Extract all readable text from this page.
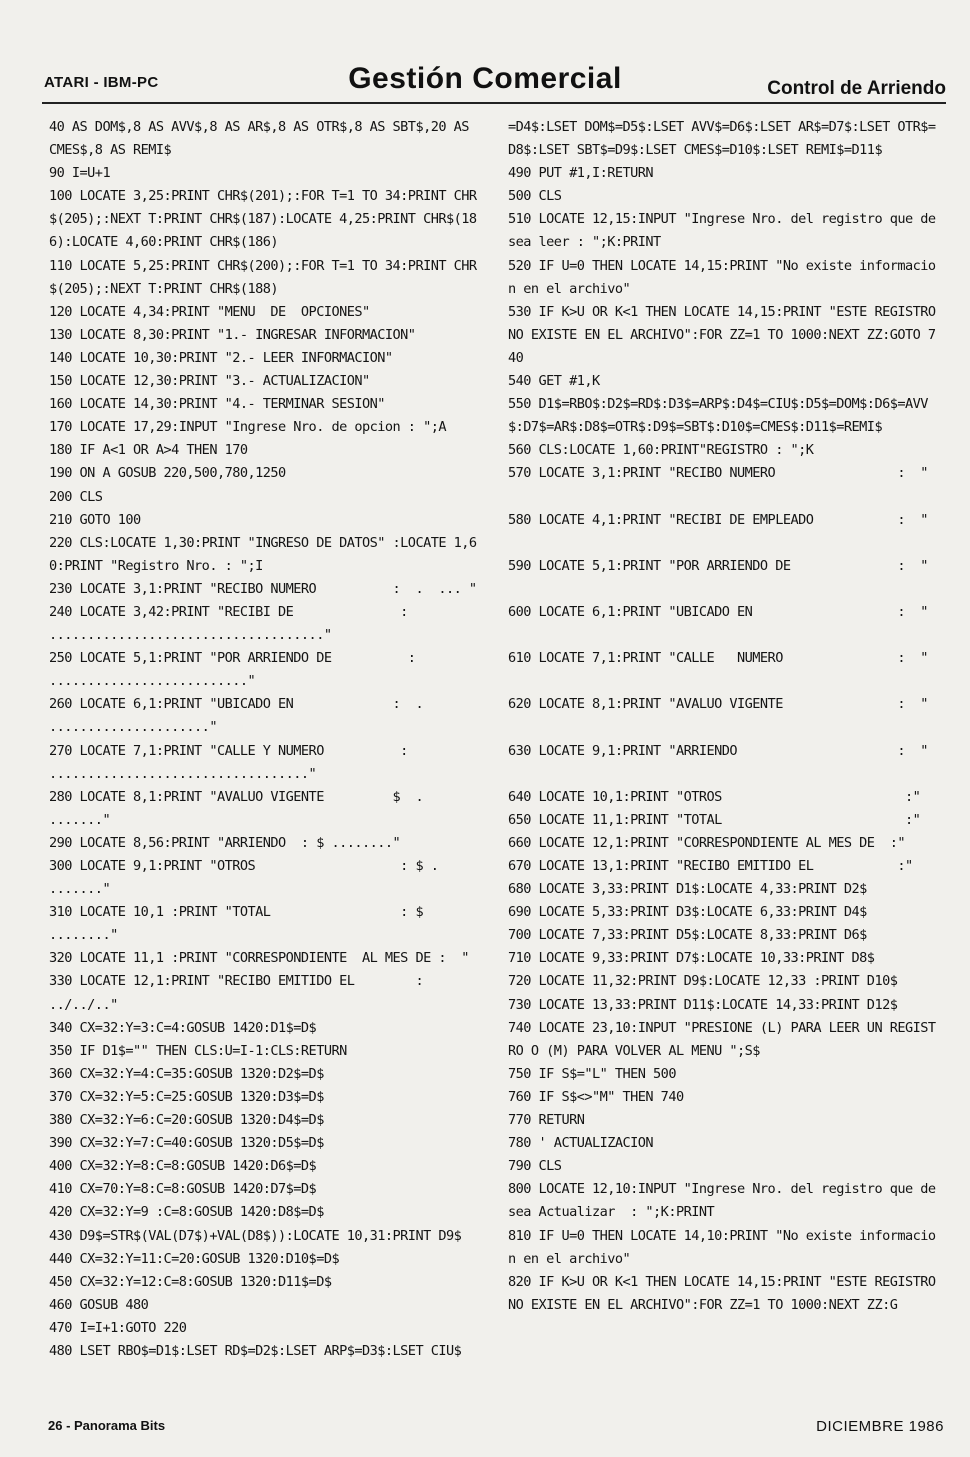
ATARI - IBM-PC	Gestión Comercial	Control de Arriendo
40 AS DOM$,8 AS AVV$,8 AS AR$,8 AS OTR$,8 AS SBT$,20 AS CMES$,8 AS REMI$
90 I=U+1
100 LOCATE 3,25:PRINT CHR$(201);:FOR T=1 TO 34:PRINT CHR$(205);:NEXT T:PRINT CHR$(187):LOCATE 4,25:PRINT CHR$(186):LOCATE 4,60:PRINT CHR$(186)
110 LOCATE 5,25:PRINT CHR$(200);:FOR T=1 TO 34:PRINT CHR$(205);:NEXT T:PRINT CHR$(188)
120 LOCATE 4,34:PRINT "MENU  DE  OPCIONES"
130 LOCATE 8,30:PRINT "1.- INGRESAR INFORMACION"
140 LOCATE 10,30:PRINT "2.- LEER INFORMACION"
150 LOCATE 12,30:PRINT "3.- ACTUALIZACION"
160 LOCATE 14,30:PRINT "4.- TERMINAR SESION"
170 LOCATE 17,29:INPUT "Ingrese Nro. de opcion : ";A
180 IF A<1 OR A>4 THEN 170
190 ON A GOSUB 220,500,780,1250
200 CLS
210 GOTO 100
220 CLS:LOCATE 1,30:PRINT "INGRESO DE DATOS" :LOCATE 1,60:PRINT "Registro Nro. : ";I
230 LOCATE 3,1:PRINT "RECIBO NUMERO          :  .  ... "
240 LOCATE 3,42:PRINT "RECIBI DE              : ...................................."
250 LOCATE 5,1:PRINT "POR ARRIENDO DE          : .........................."
260 LOCATE 6,1:PRINT "UBICADO EN             :  .  ....................."
270 LOCATE 7,1:PRINT "CALLE Y NUMERO          :  .................................."
280 LOCATE 8,1:PRINT "AVALUO VIGENTE         $  .  ......."
290 LOCATE 8,56:PRINT "ARRIENDO  : $ ........"
300 LOCATE 9,1:PRINT "OTROS                   : $ . ......."
310 LOCATE 10,1 :PRINT "TOTAL                 : $ ........"
320 LOCATE 11,1 :PRINT "CORRESPONDIENTE  AL MES DE :  "
330 LOCATE 12,1:PRINT "RECIBO EMITIDO EL        :  ../../.."
340 CX=32:Y=3:C=4:GOSUB 1420:D1$=D$
350 IF D1$="" THEN CLS:U=I-1:CLS:RETURN
360 CX=32:Y=4:C=35:GOSUB 1320:D2$=D$
370 CX=32:Y=5:C=25:GOSUB 1320:D3$=D$
380 CX=32:Y=6:C=20:GOSUB 1320:D4$=D$
390 CX=32:Y=7:C=40:GOSUB 1320:D5$=D$
400 CX=32:Y=8:C=8:GOSUB 1420:D6$=D$
410 CX=70:Y=8:C=8:GOSUB 1420:D7$=D$
420 CX=32:Y=9 :C=8:GOSUB 1420:D8$=D$
430 D9$=STR$(VAL(D7$)+VAL(D8$)):LOCATE 10,31:PRINT D9$
440 CX=32:Y=11:C=20:GOSUB 1320:D10$=D$
450 CX=32:Y=12:C=8:GOSUB 1320:D11$=D$
460 GOSUB 480
470 I=I+1:GOTO 220
480 LSET RBO$=D1$:LSET RD$=D2$:LSET ARP$=D3$:LSET CIU$
=D4$:LSET DOM$=D5$:LSET AVV$=D6$:LSET AR$=D7$:LSET OTR$=D8$:LSET SBT$=D9$:LSET CMES$=D10$:LSET REMI$=D11$
490 PUT #1,I:RETURN
500 CLS
510 LOCATE 12,15:INPUT "Ingrese Nro. del registro que desea leer : ";K:PRINT
520 IF U=0 THEN LOCATE 14,15:PRINT "No existe informacion en el archivo"
530 IF K>U OR K<1 THEN LOCATE 14,15:PRINT "ESTE REGISTRO NO EXISTE EN EL ARCHIVO":FOR ZZ=1 TO 1000:NEXT ZZ:GOTO 740
540 GET #1,K
550 D1$=RBO$:D2$=RD$:D3$=ARP$:D4$=CIU$:D5$=DOM$:D6$=AVV$:D7$=AR$:D8$=OTR$:D9$=SBT$:D10$=CMES$:D11$=REMI$
560 CLS:LOCATE 1,60:PRINT"REGISTRO : ";K
570 LOCATE 3,1:PRINT "RECIBO NUMERO                :  "

580 LOCATE 4,1:PRINT "RECIBI DE EMPLEADO           :  "

590 LOCATE 5,1:PRINT "POR ARRIENDO DE              :  "

600 LOCATE 6,1:PRINT "UBICADO EN                   :  "

610 LOCATE 7,1:PRINT "CALLE   NUMERO               :  "

620 LOCATE 8,1:PRINT "AVALUO VIGENTE               :  "

630 LOCATE 9,1:PRINT "ARRIENDO                     :  "

640 LOCATE 10,1:PRINT "OTROS                        :"
650 LOCATE 11,1:PRINT "TOTAL                        :"
660 LOCATE 12,1:PRINT "CORRESPONDIENTE AL MES DE  :"
670 LOCATE 13,1:PRINT "RECIBO EMITIDO EL           :"
680 LOCATE 3,33:PRINT D1$:LOCATE 4,33:PRINT D2$
690 LOCATE 5,33:PRINT D3$:LOCATE 6,33:PRINT D4$
700 LOCATE 7,33:PRINT D5$:LOCATE 8,33:PRINT D6$
710 LOCATE 9,33:PRINT D7$:LOCATE 10,33:PRINT D8$
720 LOCATE 11,32:PRINT D9$:LOCATE 12,33 :PRINT D10$
730 LOCATE 13,33:PRINT D11$:LOCATE 14,33:PRINT D12$
740 LOCATE 23,10:INPUT "PRESIONE (L) PARA LEER UN REGISTRO O (M) PARA VOLVER AL MENU ";S$
750 IF S$="L" THEN 500
760 IF S$<>"M" THEN 740
770 RETURN
780 ' ACTUALIZACION
790 CLS
800 LOCATE 12,10:INPUT "Ingrese Nro. del registro que desea Actualizar  : ";K:PRINT
810 IF U=0 THEN LOCATE 14,10:PRINT "No existe informacion en el archivo"
820 IF K>U OR K<1 THEN LOCATE 14,15:PRINT "ESTE REGISTRO NO EXISTE EN EL ARCHIVO":FOR ZZ=1 TO 1000:NEXT ZZ:G
26 - Panorama Bits	DICIEMBRE 1986
